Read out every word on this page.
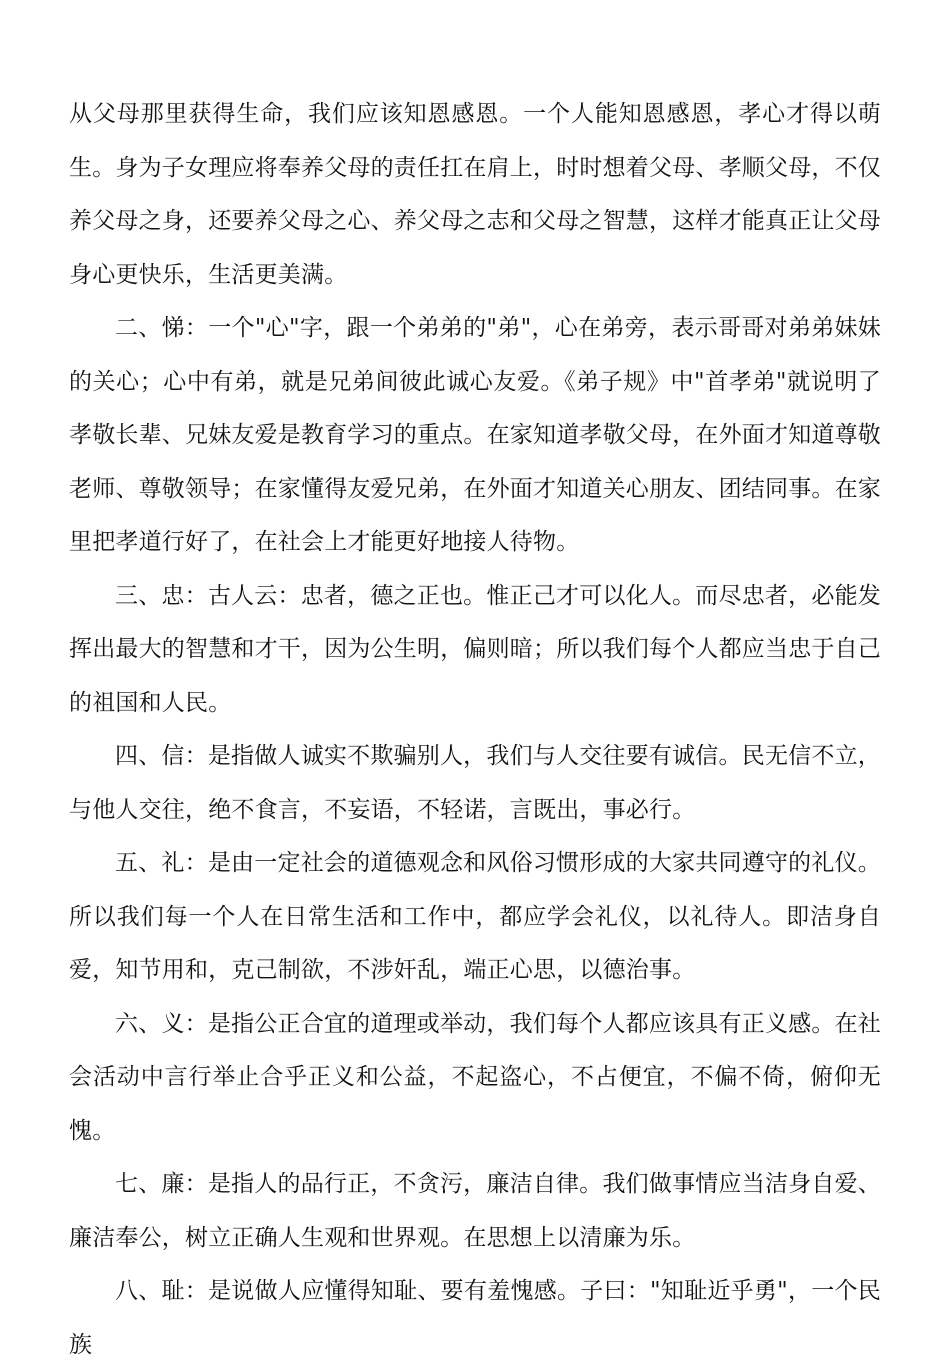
从父母那里获得生命，我们应该知恩感恩。一个人能知恩感恩，孝心才得以萌生。身为子女理应将奉养父母的责任扛在肩上，时时想着父母、孝顺父母，不仅养父母之身，还要养父母之心、养父母之志和父母之智慧，这样才能真正让父母身心更快乐，生活更美满。

二、悌：一个"心"字，跟一个弟弟的"弟"，心在弟旁，表示哥哥对弟弟妹妹的关心；心中有弟，就是兄弟间彼此诚心友爱。《弟子规》中"首孝弟"就说明了孝敬长辈、兄妹友爱是教育学习的重点。在家知道孝敬父母，在外面才知道尊敬老师、尊敬领导；在家懂得友爱兄弟，在外面才知道关心朋友、团结同事。在家里把孝道行好了，在社会上才能更好地接人待物。

三、忠：古人云：忠者，德之正也。惟正己才可以化人。而尽忠者，必能发挥出最大的智慧和才干，因为公生明，偏则暗；所以我们每个人都应当忠于自己的祖国和人民。

四、信：是指做人诚实不欺骗别人，我们与人交往要有诚信。民无信不立，与他人交往，绝不食言，不妄语，不轻诺，言既出，事必行。

五、礼：是由一定社会的道德观念和风俗习惯形成的大家共同遵守的礼仪。所以我们每一个人在日常生活和工作中，都应学会礼仪，以礼待人。即洁身自爱，知节用和，克己制欲，不涉奸乱，端正心思，以德治事。

六、义：是指公正合宜的道理或举动，我们每个人都应该具有正义感。在社会活动中言行举止合乎正义和公益，不起盗心，不占便宜，不偏不倚，俯仰无愧。

七、廉：是指人的品行正，不贪污，廉洁自律。我们做事情应当洁身自爱、廉洁奉公，树立正确人生观和世界观。在思想上以清廉为乐。

八、耻：是说做人应懂得知耻、要有羞愧感。子曰："知耻近乎勇"，一个民族
